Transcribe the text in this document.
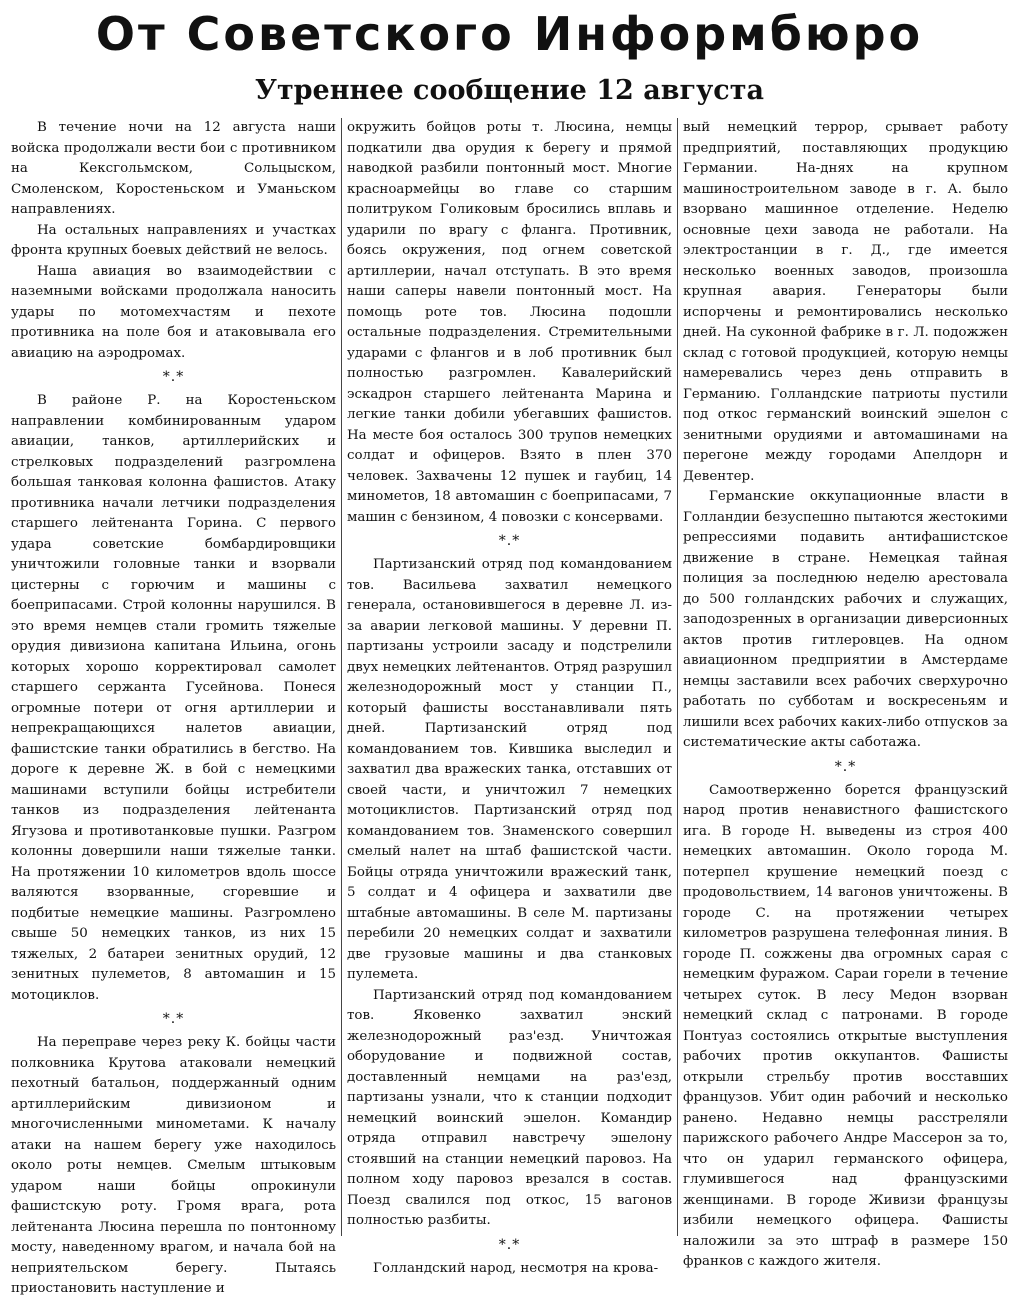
От Советского Информбюро
Утреннее сообщение 12 августа

В течение ночи на 12 августа наши войска продолжали вести бои с противником на Кексгольмском, Сольцыском, Смоленском, Коростеньском и Уманьском направлениях.

На остальных направлениях и участках фронта крупных боевых действий не велось.

Наша авиация во взаимодействии с наземными войсками продолжала наносить удары по мотомехчастям и пехоте противника на поле боя и атаковывала его авиацию на аэродромах.

*.*

В районе Р. на Коростеньском направлении комбинированным ударом авиации, танков, артиллерийских и стрелковых подразделений разгромлена большая танковая колонна фашистов. Атаку противника начали летчики подразделения старшего лейтенанта Горина. С первого удара советские бомбардировщики уничтожили головные танки и взорвали цистерны с горючим и машины с боеприпасами. Строй колонны нарушился. В это время немцев стали громить тяжелые орудия дивизиона капитана Ильина, огонь которых хорошо корректировал самолет старшего сержанта Гусейнова. Понеся огромные потери от огня артиллерии и непрекращающихся налетов авиации, фашистские танки обратились в бегство. На дороге к деревне Ж. в бой с немецкими машинами вступили бойцы истребители танков из подразделения лейтенанта Ягузова и противотанковые пушки. Разгром колонны довершили наши тяжелые танки. На протяжении 10 километров вдоль шоссе валяются взорванные, сгоревшие и подбитые немецкие машины. Разгромлено свыше 50 немецких танков, из них 15 тяжелых, 2 батареи зенитных орудий, 12 зенитных пулеметов, 8 автомашин и 15 мотоциклов.

*.*

На переправе через реку К. бойцы части полковника Крутова атаковали немецкий пехотный батальон, поддержанный одним артиллерийским дивизионом и многочисленными минометами. К началу атаки на нашем берегу уже находилось около роты немцев. Смелым штыковым ударом наши бойцы опрокинули фашистскую роту. Громя врага, рота лейтенанта Люсина перешла по понтонному мосту, наведенному врагом, и начала бой на неприятельском берегу. Пытаясь приостановить наступление и

окружить бойцов роты т. Люсина, немцы подкатили два орудия к берегу и прямой наводкой разбили понтонный мост. Многие красноармейцы во главе со старшим политруком Голиковым бросились вплавь и ударили по врагу с фланга. Противник, боясь окружения, под огнем советской артиллерии, начал отступать. В это время наши саперы навели понтонный мост. На помощь роте тов. Люсина подошли остальные подразделения. Стремительными ударами с флангов и в лоб противник был полностью разгромлен. Кавалерийский эскадрон старшего лейтенанта Марина и легкие танки добили убегавших фашистов. На месте боя осталось 300 трупов немецких солдат и офицеров. Взято в плен 370 человек. Захвачены 12 пушек и гаубиц, 14 минометов, 18 автомашин с боеприпасами, 7 машин с бензином, 4 повозки с консервами.

*.*

Партизанский отряд под командованием тов. Васильева захватил немецкого генерала, остановившегося в деревне Л. из-за аварии легковой машины. У деревни П. партизаны устроили засаду и подстрелили двух немецких лейтенантов. Отряд разрушил железнодорожный мост у станции П., который фашисты восстанавливали пять дней. Партизанский отряд под командованием тов. Кившика выследил и захватил два вражеских танка, отставших от своей части, и уничтожил 7 немецких мотоциклистов. Партизанский отряд под командованием тов. Знаменского совершил смелый налет на штаб фашистской части. Бойцы отряда уничтожили вражеский танк, 5 солдат и 4 офицера и захватили две штабные автомашины. В селе М. партизаны перебили 20 немецких солдат и захватили две грузовые машины и два станковых пулемета.

Партизанский отряд под командованием тов. Яковенко захватил энский железнодорожный раз'езд. Уничтожая оборудование и подвижной состав, доставленный немцами на раз'езд, партизаны узнали, что к станции подходит немецкий воинский эшелон. Командир отряда отправил навстречу эшелону стоявший на станции немецкий паровоз. На полном ходу паровоз врезался в состав. Поезд свалился под откос, 15 вагонов полностью разбиты.

*.*

Голландский народ, несмотря на крова-

вый немецкий террор, срывает работу предприятий, поставляющих продукцию Германии. На-днях на крупном машиностроительном заводе в г. А. было взорвано машинное отделение. Неделю основные цехи завода не работали. На электростанции в г. Д., где имеется несколько военных заводов, произошла крупная авария. Генераторы были испорчены и ремонтировались несколько дней. На суконной фабрике в г. Л. подожжен склад с готовой продукцией, которую немцы намеревались через день отправить в Германию. Голландские патриоты пустили под откос германский воинский эшелон с зенитными орудиями и автомашинами на перегоне между городами Апелдорн и Девентер.

Германские оккупационные власти в Голландии безуспешно пытаются жестокими репрессиями подавить антифашистское движение в стране. Немецкая тайная полиция за последнюю неделю арестовала до 500 голландских рабочих и служащих, заподозренных в организации диверсионных актов против гитлеровцев. На одном авиационном предприятии в Амстердаме немцы заставили всех рабочих сверхурочно работать по субботам и воскресеньям и лишили всех рабочих каких-либо отпусков за систематические акты саботажа.

*.*

Самоотверженно борется французский народ против ненавистного фашистского ига. В городе Н. выведены из строя 400 немецких автомашин. Около города М. потерпел крушение немецкий поезд с продовольствием, 14 вагонов уничтожены. В городе С. на протяжении четырех километров разрушена телефонная линия. В городе П. сожжены два огромных сарая с немецким фуражом. Сараи горели в течение четырех суток. В лесу Медон взорван немецкий склад с патронами. В городе Понтуаз состоялись открытые выступления рабочих против оккупантов. Фашисты открыли стрельбу против восставших французов. Убит один рабочий и несколько ранено. Недавно немцы расстреляли парижского рабочего Андре Массерон за то, что он ударил германского офицера, глумившегося над французскими женщинами. В городе Живизи французы избили немецкого офицера. Фашисты наложили за это штраф в размере 150 франков с каждого жителя.
